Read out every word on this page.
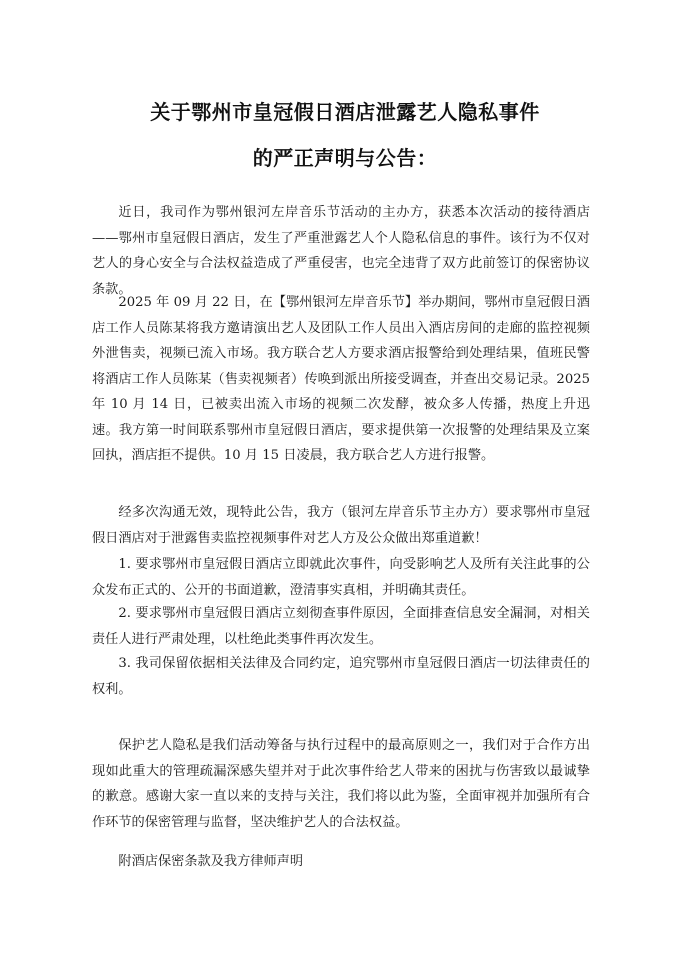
关于鄂州市皇冠假日酒店泄露艺人隐私事件
的严正声明与公告：

近日，我司作为鄂州银河左岸音乐节活动的主办方，获悉本次活动的接待酒店——鄂州市皇冠假日酒店，发生了严重泄露艺人个人隐私信息的事件。该行为不仅对艺人的身心安全与合法权益造成了严重侵害，也完全违背了双方此前签订的保密协议条款。

2025 年 09 月 22 日，在【鄂州银河左岸音乐节】举办期间，鄂州市皇冠假日酒店工作人员陈某将我方邀请演出艺人及团队工作人员出入酒店房间的走廊的监控视频外泄售卖，视频已流入市场。我方联合艺人方要求酒店报警给到处理结果，值班民警将酒店工作人员陈某（售卖视频者）传唤到派出所接受调查，并查出交易记录。2025 年 10 月 14 日，已被卖出流入市场的视频二次发酵，被众多人传播，热度上升迅速。我方第一时间联系鄂州市皇冠假日酒店，要求提供第一次报警的处理结果及立案回执，酒店拒不提供。10 月 15 日凌晨，我方联合艺人方进行报警。

经多次沟通无效，现特此公告，我方（银河左岸音乐节主办方）要求鄂州市皇冠假日酒店对于泄露售卖监控视频事件对艺人方及公众做出郑重道歉！

1. 要求鄂州市皇冠假日酒店立即就此次事件，向受影响艺人及所有关注此事的公众发布正式的、公开的书面道歉，澄清事实真相，并明确其责任。

2. 要求鄂州市皇冠假日酒店立刻彻查事件原因，全面排查信息安全漏洞，对相关责任人进行严肃处理，以杜绝此类事件再次发生。

3. 我司保留依据相关法律及合同约定，追究鄂州市皇冠假日酒店一切法律责任的权利。

保护艺人隐私是我们活动筹备与执行过程中的最高原则之一，我们对于合作方出现如此重大的管理疏漏深感失望并对于此次事件给艺人带来的困扰与伤害致以最诚挚的歉意。感谢大家一直以来的支持与关注，我们将以此为鉴，全面审视并加强所有合作环节的保密管理与监督，坚决维护艺人的合法权益。

附酒店保密条款及我方律师声明
